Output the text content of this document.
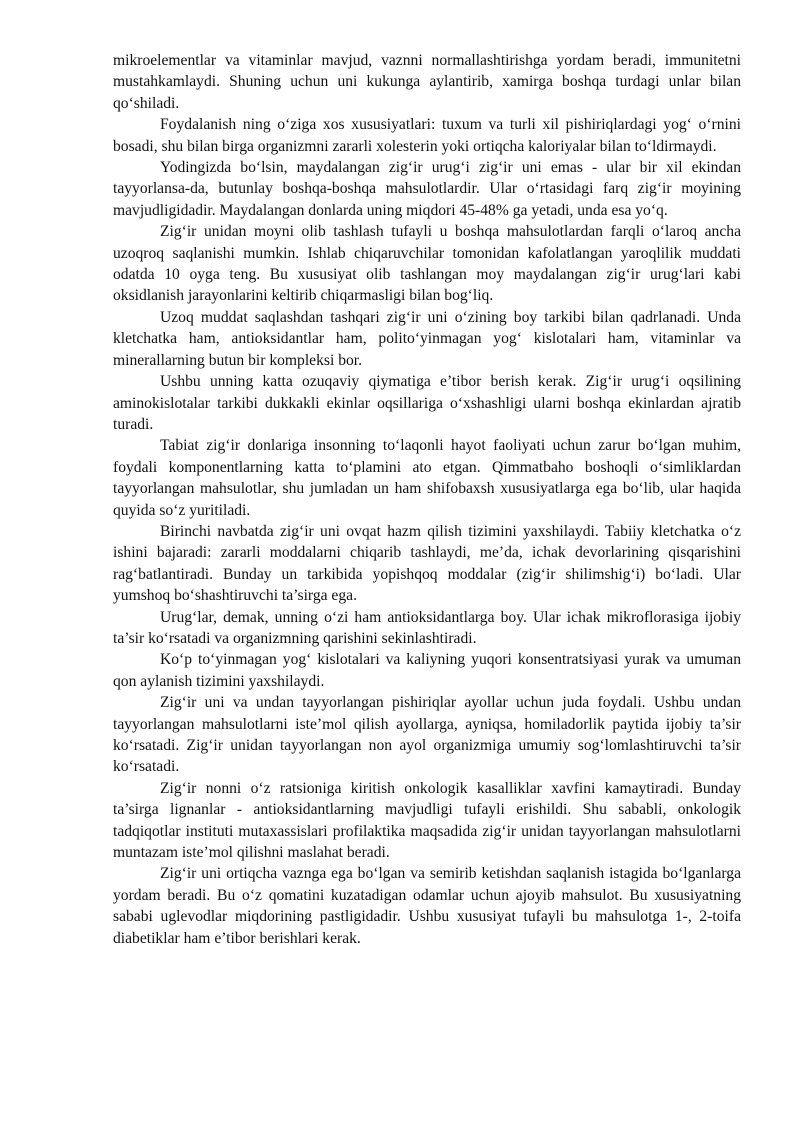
mikroelementlar va vitaminlar mavjud, vaznni normallashtirishga yordam beradi, immunitetni mustahkamlaydi. Shuning uchun uni kukunga aylantirib, xamirga boshqa turdagi unlar bilan qo‘shiladi.

Foydalanish ning o‘ziga xos xususiyatlari: tuxum va turli xil pishiriqlardagi yog‘ o‘rnini bosadi, shu bilan birga organizmni zararli xolesterin yoki ortiqcha kaloriyalar bilan to‘ldirmaydi.

Yodingizda bo‘lsin, maydalangan zig‘ir urug‘i zig‘ir uni emas - ular bir xil ekindan tayyorlansa-da, butunlay boshqa-boshqa mahsulotlardir. Ular o‘rtasidagi farq zig‘ir moyining mavjudligidadir. Maydalangan donlarda uning miqdori 45-48% ga yetadi, unda esa yo‘q.

Zig‘ir unidan moyni olib tashlash tufayli u boshqa mahsulotlardan farqli o‘laroq ancha uzoqroq saqlanishi mumkin. Ishlab chiqaruvchilar tomonidan kafolatlangan yaroqlilik muddati odatda 10 oyga teng. Bu xususiyat olib tashlangan moy maydalangan zig‘ir urug‘lari kabi oksidlanish jarayonlarini keltirib chiqarmasligi bilan bog‘liq.

Uzoq muddat saqlashdan tashqari zig‘ir uni o‘zining boy tarkibi bilan qadrlanadi. Unda kletchatka ham, antioksidantlar ham, polito‘yinmagan yog‘ kislotalari ham, vitaminlar va minerallarning butun bir kompleksi bor.

Ushbu unning katta ozuqaviy qiymatiga e’tibor berish kerak. Zig‘ir urug‘i oqsilining aminokislotalar tarkibi dukkakli ekinlar oqsillariga o‘xshashligi ularni boshqa ekinlardan ajratib turadi.

Tabiat zig‘ir donlariga insonning to‘laqonli hayot faoliyati uchun zarur bo‘lgan muhim, foydali komponentlarning katta to‘plamini ato etgan. Qimmatbaho boshoqli o‘simliklardan tayyorlangan mahsulotlar, shu jumladan un ham shifobaxsh xususiyatlarga ega bo‘lib, ular haqida quyida so‘z yuritiladi.

Birinchi navbatda zig‘ir uni ovqat hazm qilish tizimini yaxshilaydi. Tabiiy kletchatka o‘z ishini bajaradi: zararli moddalarni chiqarib tashlaydi, me’da, ichak devorlarining qisqarishini rag‘batlantiradi. Bunday un tarkibida yopishqoq moddalar (zig‘ir shilimshig‘i) bo‘ladi. Ular yumshoq bo‘shashtiruvchi ta’sirga ega.

Urug‘lar, demak, unning o‘zi ham antioksidantlarga boy. Ular ichak mikroflorasiga ijobiy ta’sir ko‘rsatadi va organizmning qarishini sekinlashtiradi.

Ko‘p to‘yinmagan yog‘ kislotalari va kaliyning yuqori konsentratsiyasi yurak va umuman qon aylanish tizimini yaxshilaydi.

Zig‘ir uni va undan tayyorlangan pishiriqlar ayollar uchun juda foydali. Ushbu undan tayyorlangan mahsulotlarni iste’mol qilish ayollarga, ayniqsa, homiladorlik paytida ijobiy ta’sir ko‘rsatadi. Zig‘ir unidan tayyorlangan non ayol organizmiga umumiy sog‘lomlashtiruvchi ta’sir ko‘rsatadi.

Zig‘ir nonni o‘z ratsioniga kiritish onkologik kasalliklar xavfini kamaytiradi. Bunday ta’sirga lignanlar - antioksidantlarning mavjudligi tufayli erishildi. Shu sababli, onkologik tadqiqotlar instituti mutaxassislari profilaktika maqsadida zig‘ir unidan tayyorlangan mahsulotlarni muntazam iste’mol qilishni maslahat beradi.

Zig‘ir uni ortiqcha vaznga ega bo‘lgan va semirib ketishdan saqlanish istagida bo‘lganlarga yordam beradi. Bu o‘z qomatini kuzatadigan odamlar uchun ajoyib mahsulot. Bu xususiyatning sababi uglevodlar miqdorining pastligidadir. Ushbu xususiyat tufayli bu mahsulotga 1-, 2-toifa diabetiklar ham e’tibor berishlari kerak.
